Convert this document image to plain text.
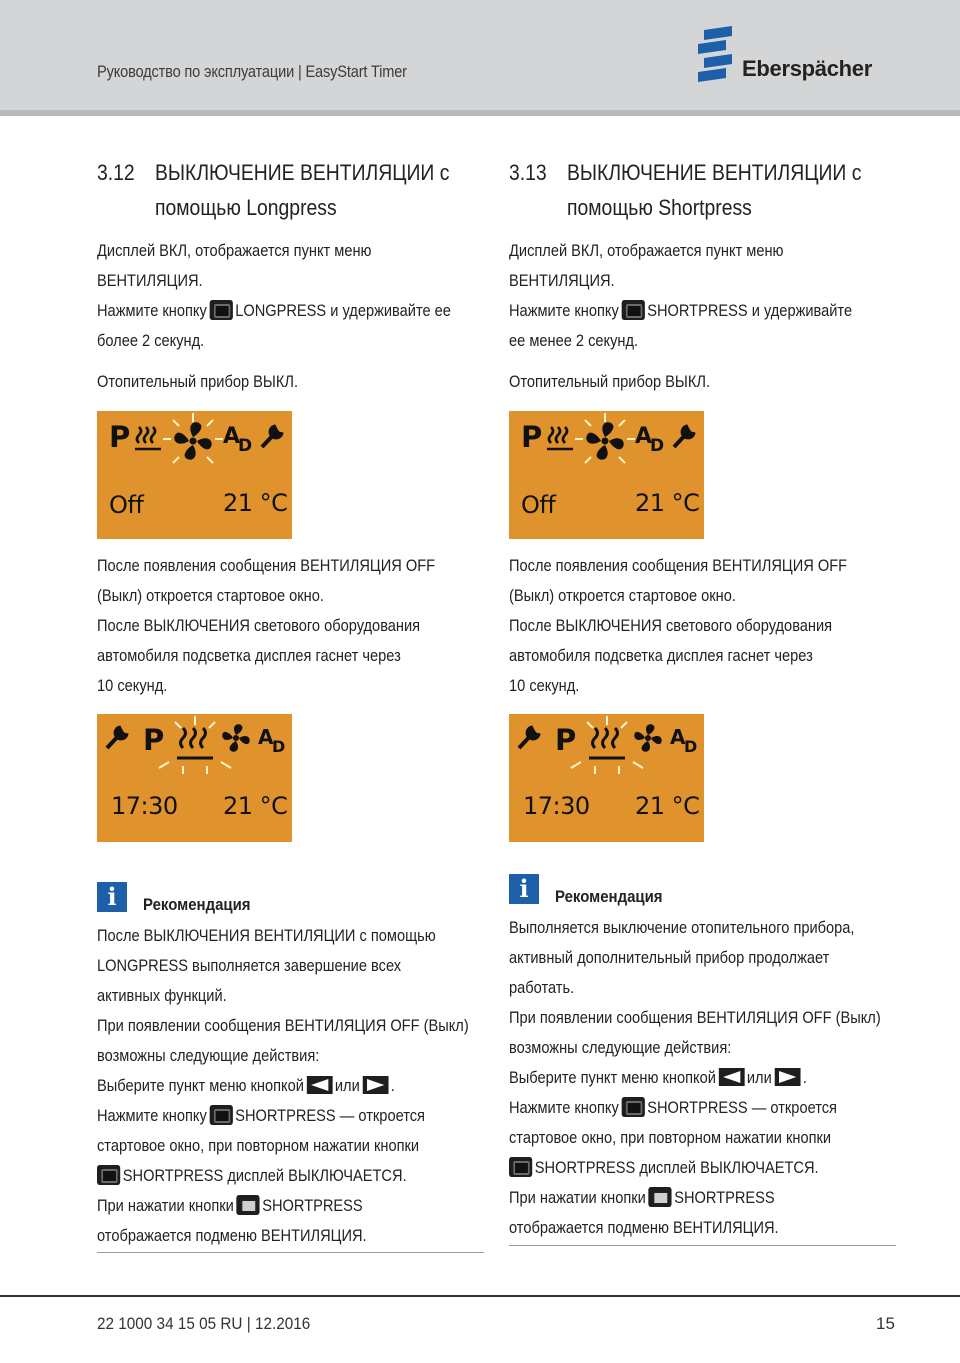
Руководство по эксплуатации | EasyStart Timer	Eberspächer
3.12 ВЫКЛЮЧЕНИЕ ВЕНТИЛЯЦИИ с помощью Longpress
Дисплей ВКЛ, отображается пункт меню
ВЕНТИЛЯЦИЯ.
Нажмите кнопку LONGPRESS и удерживайте ее
более 2 секунд.
Отопительный прибор ВЫКЛ.
P	A
D
Off	21 °C
После появления сообщения ВЕНТИЛЯЦИЯ OFF
(Выкл) откроется стартовое окно.
После ВЫКЛЮЧЕНИЯ светового оборудования
автомобиля подсветка дисплея гаснет через
10 секунд.
P	A
D
17:30 21 °C
i	Рекомендация
После ВЫКЛЮЧЕНИЯ ВЕНТИЛЯЦИИ с помощью
LONGPRESS выполняется завершение всех
активных функций.
При появлении сообщения ВЕНТИЛЯЦИЯ OFF (Выкл)
возможны следующие действия:
Выберите пункт меню кнопкой или .
Нажмите кнопку SHORTPRESS — откроется
стартовое окно, при повторном нажатии кнопки
SHORTPRESS дисплей ВЫКЛЮЧАЕТСЯ.
При нажатии кнопки SHORTPRESS
отображается подменю ВЕНТИЛЯЦИЯ.
3.13 ВЫКЛЮЧЕНИЕ ВЕНТИЛЯЦИИ с помощью Shortpress
Дисплей ВКЛ, отображается пункт меню
ВЕНТИЛЯЦИЯ.
Нажмите кнопку SHORTPRESS и удерживайте
ее менее 2 секунд.
Отопительный прибор ВЫКЛ.
P	A
D
Off	21 °C
После появления сообщения ВЕНТИЛЯЦИЯ OFF
(Выкл) откроется стартовое окно.
После ВЫКЛЮЧЕНИЯ светового оборудования
автомобиля подсветка дисплея гаснет через
10 секунд.
P	A
D
17:30 21 °C
i	Рекомендация
Выполняется выключение отопительного прибора,
активный дополнительный прибор продолжает
работать.
При появлении сообщения ВЕНТИЛЯЦИЯ OFF (Выкл)
возможны следующие действия:
Выберите пункт меню кнопкой или .
Нажмите кнопку SHORTPRESS — откроется
стартовое окно, при повторном нажатии кнопки
SHORTPRESS дисплей ВЫКЛЮЧАЕТСЯ.
При нажатии кнопки SHORTPRESS
отображается подменю ВЕНТИЛЯЦИЯ.
22 1000 34 15 05 RU | 12.2016	15
